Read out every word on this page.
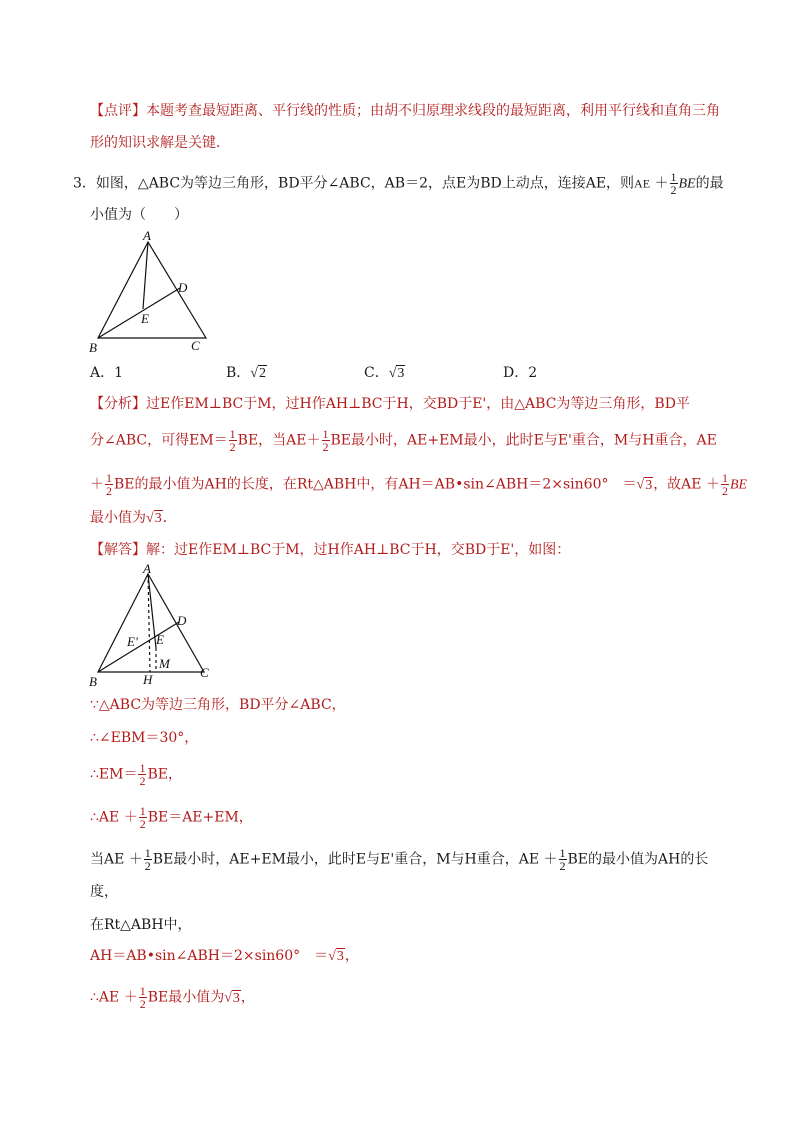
【点评】本题考查最短距离、平行线的性质；由胡不归原理求线段的最短距离，利用平行线和直角三角
形的知识求解是关键．
3．如图，△ABC为等边三角形，BD平分∠ABC，AB＝2，点E为BD上动点，连接AE，则AE ＋ $\frac{1}{2}$ BE的最
小值为（　　）
A
B	C
D
E
A．1	B．√2	C．√3	D．2
【分析】过E作EM⊥BC于M，过H作AH⊥BC于H，交BD于E'，由△ABC为等边三角形，BD平
分∠ABC，可得$EM= \frac{1}{2}$ BE，当$AE+ \frac{1}{2}$ BE最小时，AE+EM最小，此时E与E'重合，M与H重合，AE
＋ $\frac{1}{2}$ BE的最小值为AH的长度，在Rt△ABH中，有AH＝AB•sin∠ABH＝2×sin60°　＝√3，故AE ＋ $\frac{1}{2}$ BE
最小值为√3．
【解答】解：过E作EM⊥BC于M，过H作AH⊥BC于H，交BD于E'，如图：
A
B
C
D
E
E'
M
H
∵△ABC为等边三角形，BD平分∠ABC，
∴∠EBM＝30°，
∴EM＝ $\frac{1}{2}$ BE，
∴AE ＋ $\frac{1}{2} BE=AE+EM$，
当AE ＋ $\frac{1}{2}$ BE最小时，AE+EM最小，此时E与E'重合，M与H重合，AE ＋ $\frac{1}{2}$ BE的最小值为AH的长
度，
在Rt△ABH中，
AH＝AB•sin∠ABH＝2×sin60°　＝√3，
∴AE ＋ $\frac{1}{2}$ BE最小值为√3，
